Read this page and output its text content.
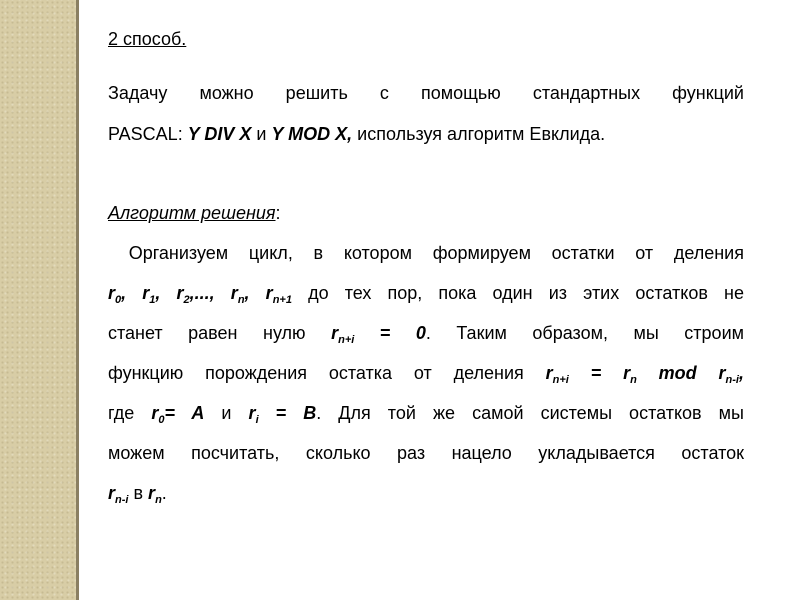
2 способ.
Задачу можно решить с помощью стандартных функций
PASCAL: Y DIV X и Y MOD X, используя алгоритм Евклида.
Алгоритм решения:
Организуем цикл, в котором формируем остатки от деления
$r_0$, $r_1$, $r_2$,..., $r_n$, $r_{n+1}$ до тех пор, пока один из этих остатков не
станет равен нулю $r_{n+i} = 0$. Таким образом, мы строим
функцию порождения остатка от деления $r_{n+i} = r_n$ mod $r_{n-i}$,
где $r_0= A$ и $r_i = B$. Для той же самой системы остатков мы
можем посчитать, сколько раз нацело укладывается остаток
$r_{n-i}$ в $r_n$.
